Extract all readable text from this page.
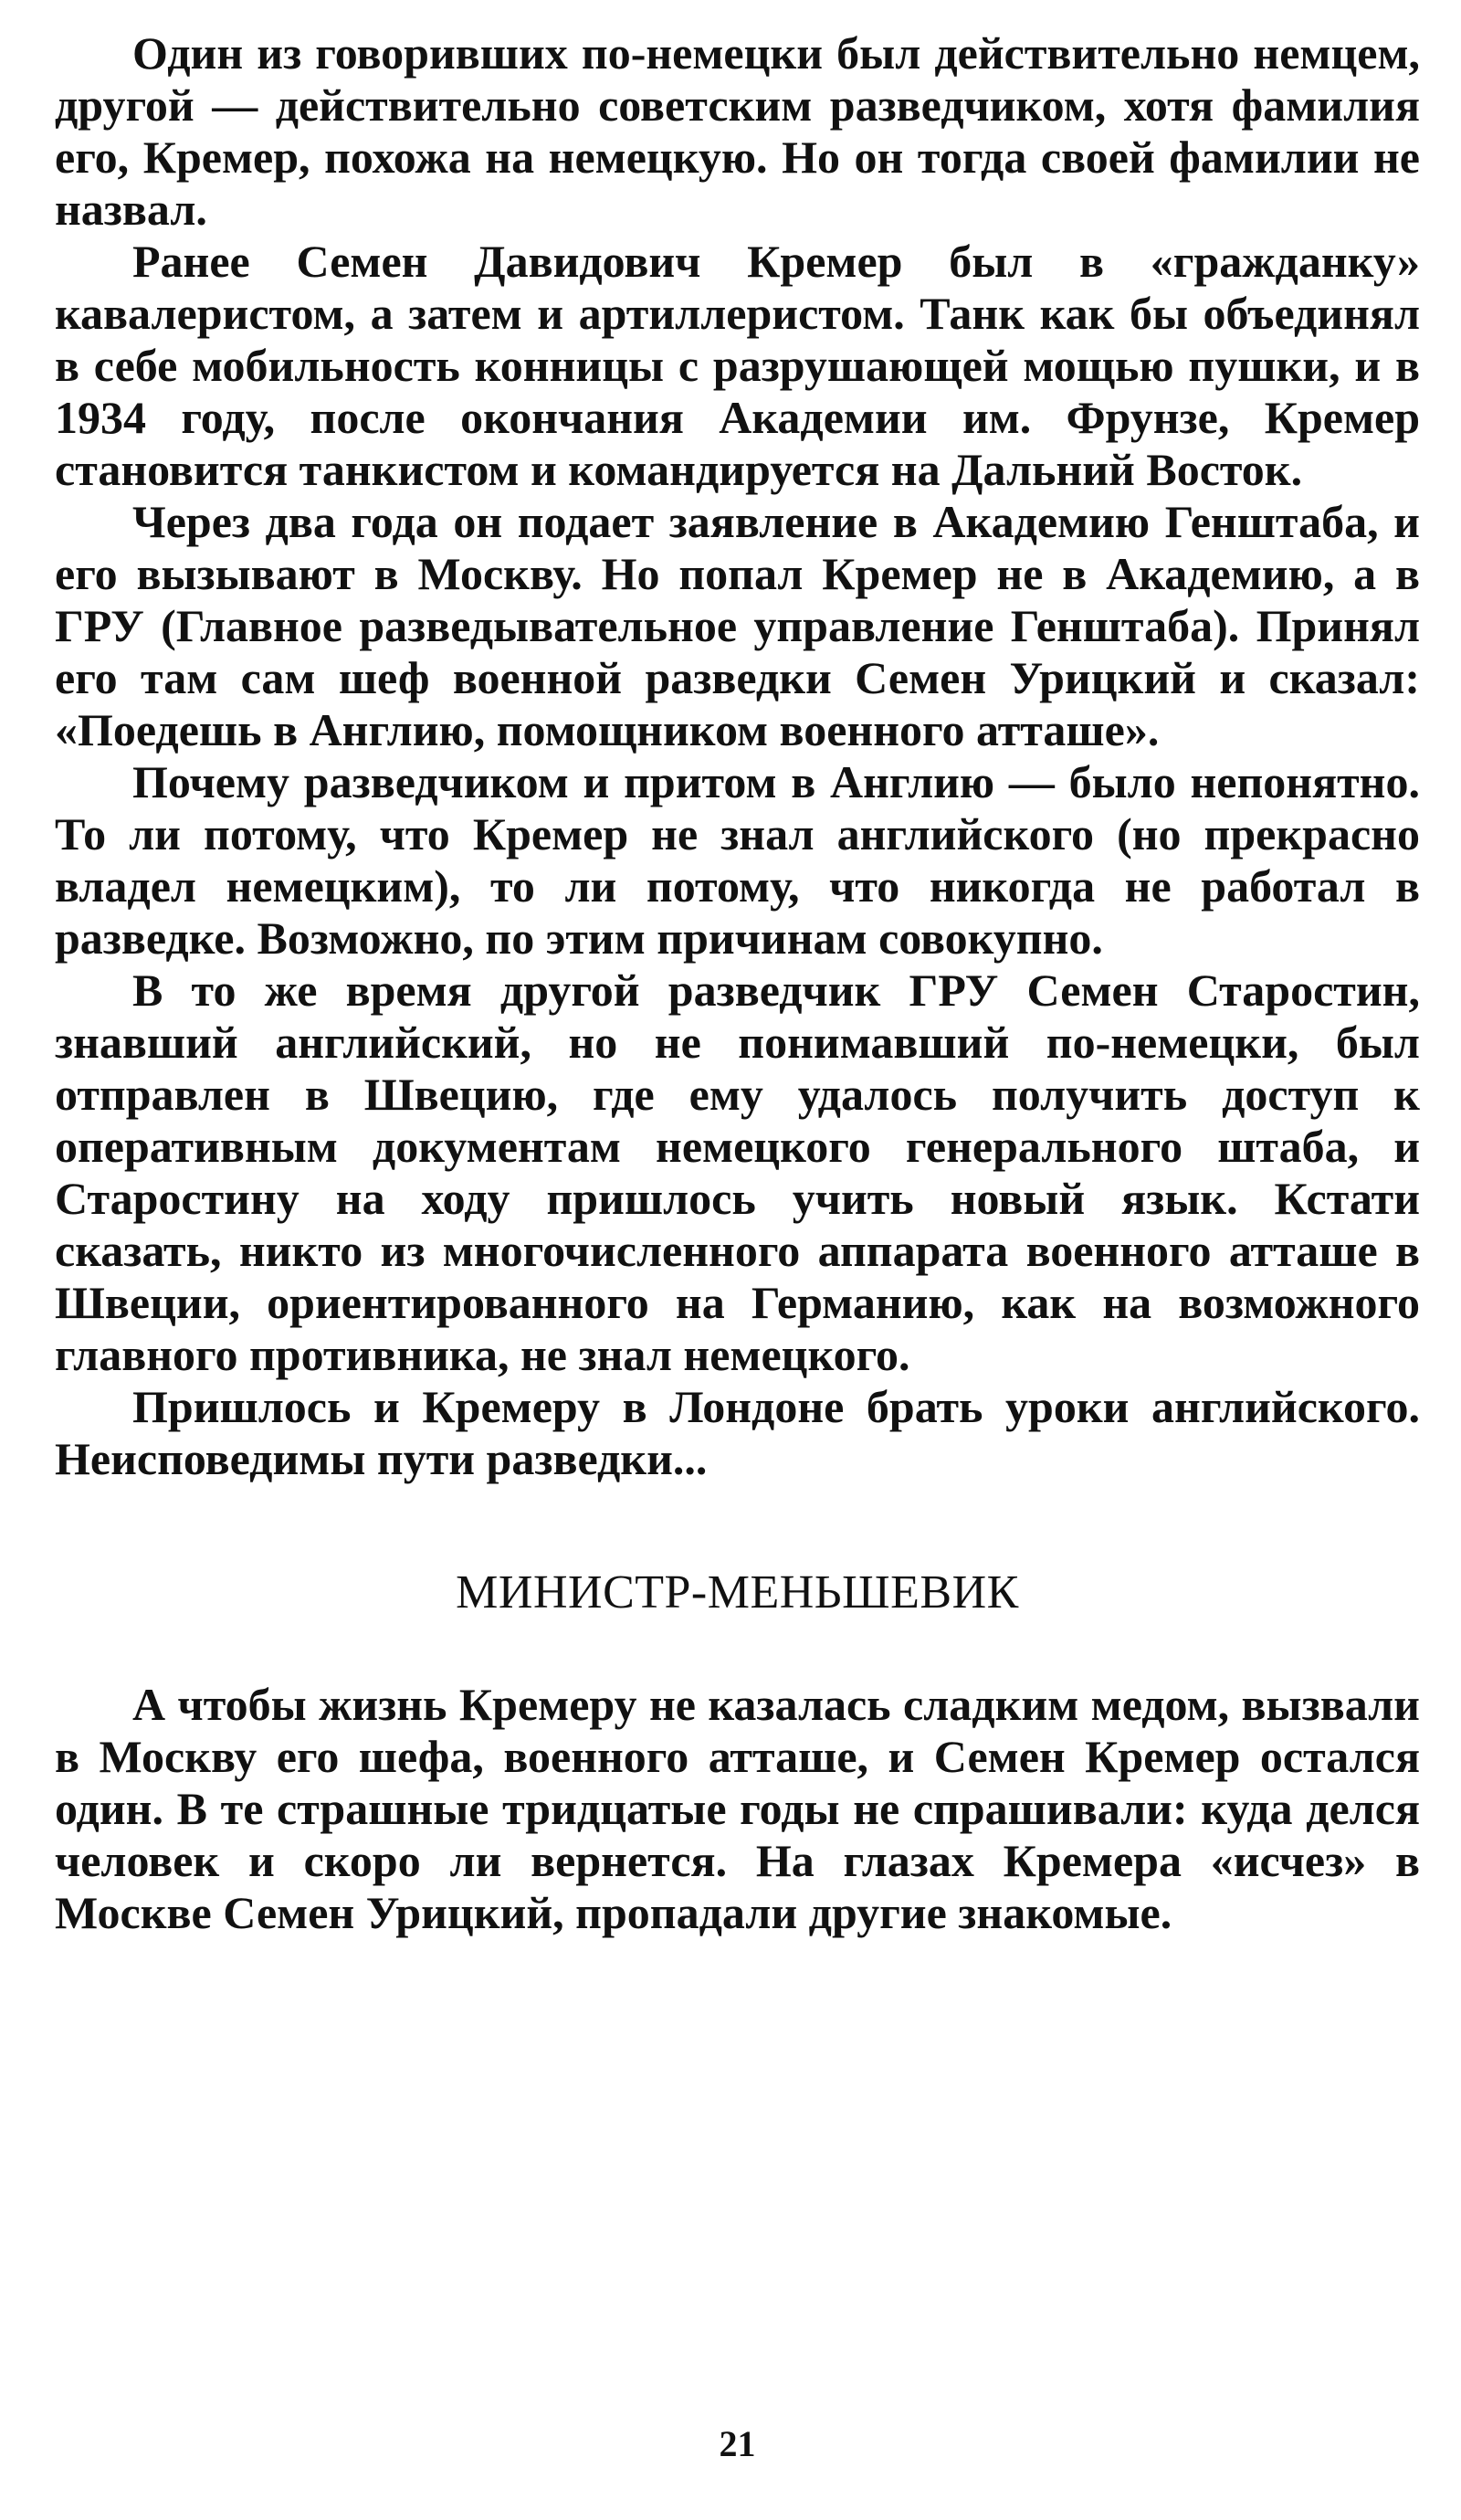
Один из говоривших по-немецки был действительно немцем, другой — действительно советским разведчиком, хотя фамилия его, Кремер, похожа на немецкую. Но он тогда своей фамилии не назвал.

Ранее Семен Давидович Кремер был в «гражданку» кавалеристом, а затем и артиллеристом. Танк как бы объединял в себе мобильность конницы с разрушающей мощью пушки, и в 1934 году, после окончания Академии им. Фрунзе, Кремер становится танкистом и командируется на Дальний Восток.

Через два года он подает заявление в Академию Генштаба, и его вызывают в Москву. Но попал Кремер не в Академию, а в ГРУ (Главное разведывательное управление Генштаба). Принял его там сам шеф военной разведки Семен Урицкий и сказал: «Поедешь в Англию, помощником военного атташе».

Почему разведчиком и притом в Англию — было непонятно. То ли потому, что Кремер не знал английского (но прекрасно владел немецким), то ли потому, что никогда не работал в разведке. Возможно, по этим причинам совокупно.

В то же время другой разведчик ГРУ Семен Старостин, знавший английский, но не понимавший по-немецки, был отправлен в Швецию, где ему удалось получить доступ к оперативным документам немецкого генерального штаба, и Старостину на ходу пришлось учить новый язык. Кстати сказать, никто из многочисленного аппарата военного атташе в Швеции, ориентированного на Германию, как на возможного главного противника, не знал немецкого.

Пришлось и Кремеру в Лондоне брать уроки английского. Неисповедимы пути разведки...

МИНИСТР-МЕНЬШЕВИК

А чтобы жизнь Кремеру не казалась сладким медом, вызвали в Москву его шефа, военного атташе, и Семен Кремер остался один. В те страшные тридцатые годы не спрашивали: куда делся человек и скоро ли вернется. На глазах Кремера «исчез» в Москве Семен Урицкий, пропадали другие знакомые.

21
